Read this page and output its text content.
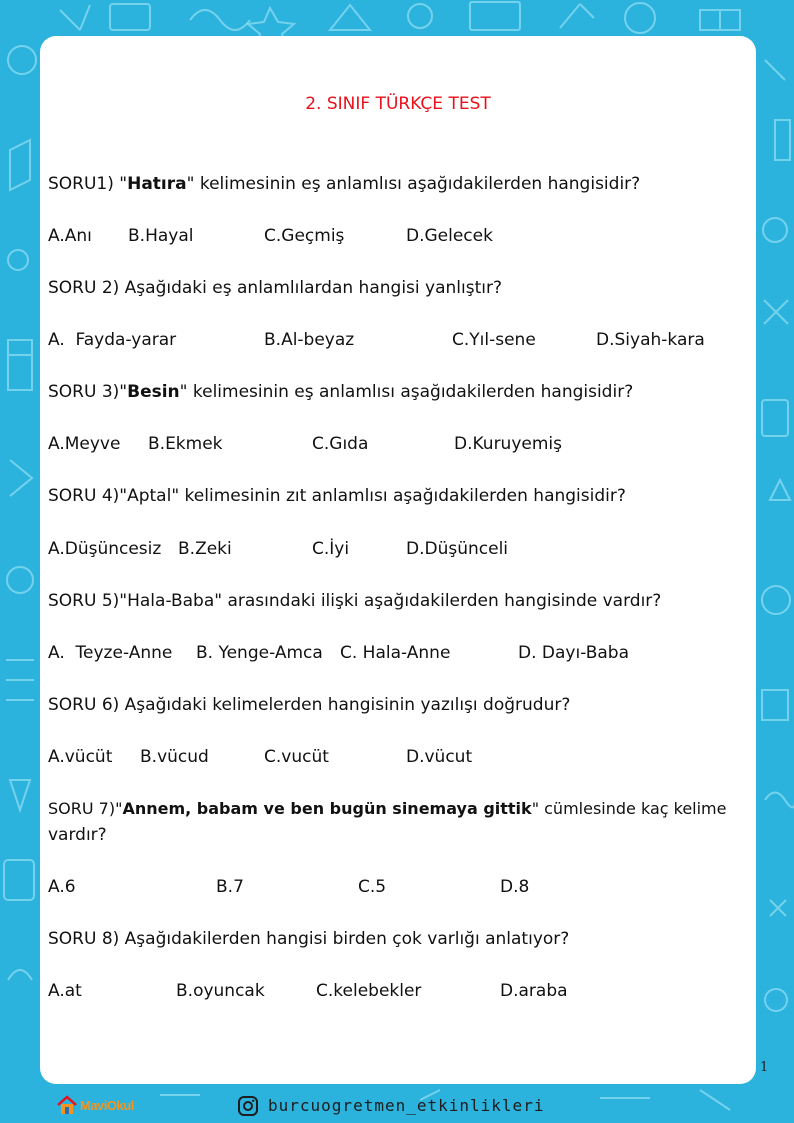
2. SINIF TÜRKÇE TEST
SORU1) "Hatıra" kelimesinin eş anlamlısı aşağıdakilerden hangisidir?
A.Anı B.Hayal	C.Geçmiş	D.Gelecek
SORU 2) Aşağıdaki eş anlamlılardan hangisi yanlıştır?
A.  Fayda-yarar	B.Al-beyaz	C.Yıl-sene	D.Siyah-kara
SORU 3)"Besin" kelimesinin eş anlamlısı aşağıdakilerden hangisidir?
A.Meyve B.Ekmek	C.Gıda	D.Kuruyemiş
SORU 4)"Aptal" kelimesinin zıt anlamlısı aşağıdakilerden hangisidir?
A.Düşüncesiz B.Zeki	C.İyi	D.Düşünceli
SORU 5)"Hala-Baba" arasındaki ilişki aşağıdakilerden hangisinde vardır?
A.  Teyze-Anne B. Yenge-Amca C. Hala-Anne	D. Dayı-Baba
SORU 6) Aşağıdaki kelimelerden hangisinin yazılışı doğrudur?
A.vücüt B.vücud	C.vucüt	D.vücut
SORU 7)"Annem, babam ve ben bugün sinemaya gittik" cümlesinde kaç kelime
vardır?
A.6	B.7	C.5	D.8
SORU 8) Aşağıdakilerden hangisi birden çok varlığı anlatıyor?
A.at	B.oyuncak	C.kelebekler	D.araba
1
MaviOkul	burcuogretmen_etkinlikleri
